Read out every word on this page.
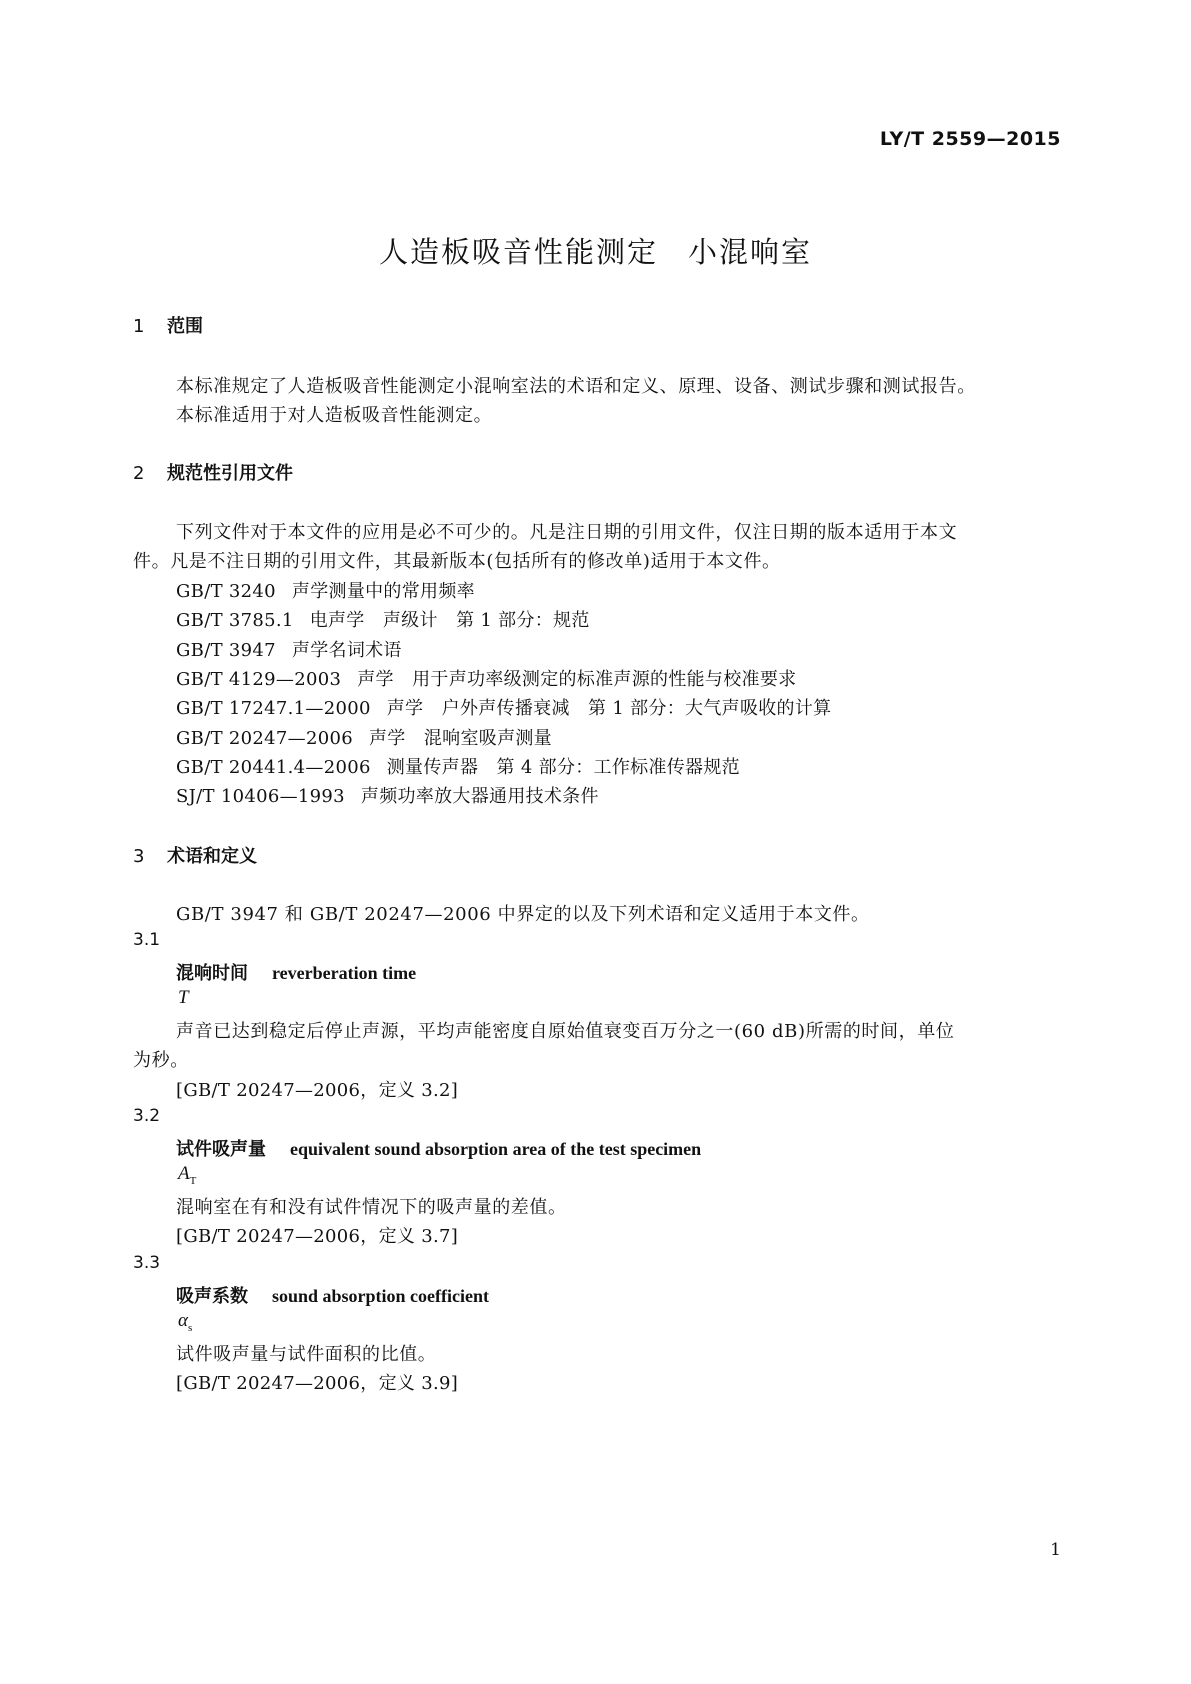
LY/T 2559—2015
人造板吸音性能测定 小混响室
1 范围
本标准规定了人造板吸音性能测定小混响室法的术语和定义、原理、设备、测试步骤和测试报告。
本标准适用于对人造板吸音性能测定。
2 规范性引用文件
下列文件对于本文件的应用是必不可少的。凡是注日期的引用文件，仅注日期的版本适用于本文
件。凡是不注日期的引用文件，其最新版本(包括所有的修改单)适用于本文件。
GB/T 3240 声学测量中的常用频率
GB/T 3785.1 电声学　声级计　第 1 部分：规范
GB/T 3947 声学名词术语
GB/T 4129—2003 声学　用于声功率级测定的标准声源的性能与校准要求
GB/T 17247.1—2000 声学　户外声传播衰减　第 1 部分：大气声吸收的计算
GB/T 20247—2006 声学　混响室吸声测量
GB/T 20441.4—2006 测量传声器　第 4 部分：工作标准传器规范
SJ/T 10406—1993 声频功率放大器通用技术条件
3 术语和定义
GB/T 3947 和 GB/T 20247—2006 中界定的以及下列术语和定义适用于本文件。
3.1
混响时间 reverberation time
T
声音已达到稳定后停止声源，平均声能密度自原始值衰变百万分之一(60 dB)所需的时间，单位
为秒。
[GB/T 20247—2006，定义 3.2]
3.2
试件吸声量 equivalent sound absorption area of the test specimen
$A_T$
混响室在有和没有试件情况下的吸声量的差值。
[GB/T 20247—2006，定义 3.7]
3.3
吸声系数 sound absorption coefficient
$\alpha_s$
试件吸声量与试件面积的比值。
[GB/T 20247—2006，定义 3.9]
1
